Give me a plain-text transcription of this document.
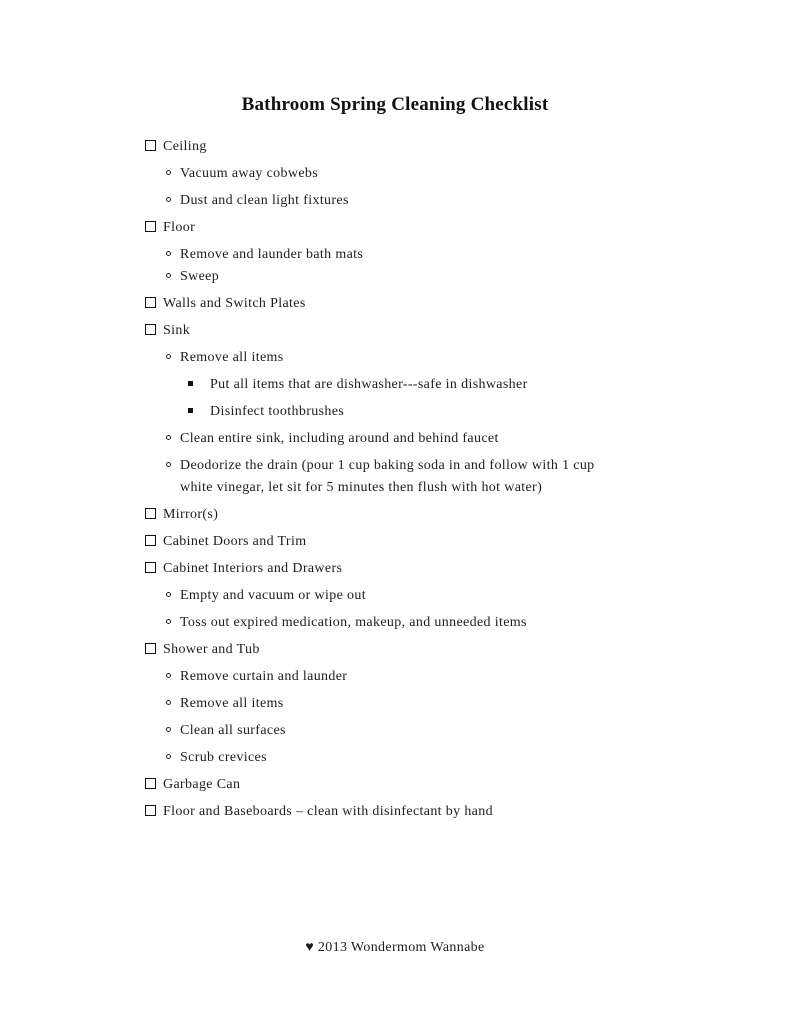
Bathroom Spring Cleaning Checklist
Ceiling
Vacuum away cobwebs
Dust and clean light fixtures
Floor
Remove and launder bath mats
Sweep
Walls and Switch Plates
Sink
Remove all items
Put all items that are dishwasher---safe in dishwasher
Disinfect toothbrushes
Clean entire sink, including around and behind faucet
Deodorize the drain (pour 1 cup baking soda in and follow with 1 cup white vinegar, let sit for 5 minutes then flush with hot water)
Mirror(s)
Cabinet Doors and Trim
Cabinet Interiors and Drawers
Empty and vacuum or wipe out
Toss out expired medication, makeup, and unneeded items
Shower and Tub
Remove curtain and launder
Remove all items
Clean all surfaces
Scrub crevices
Garbage Can
Floor and Baseboards – clean with disinfectant by hand
♥ 2013 Wondermom Wannabe
